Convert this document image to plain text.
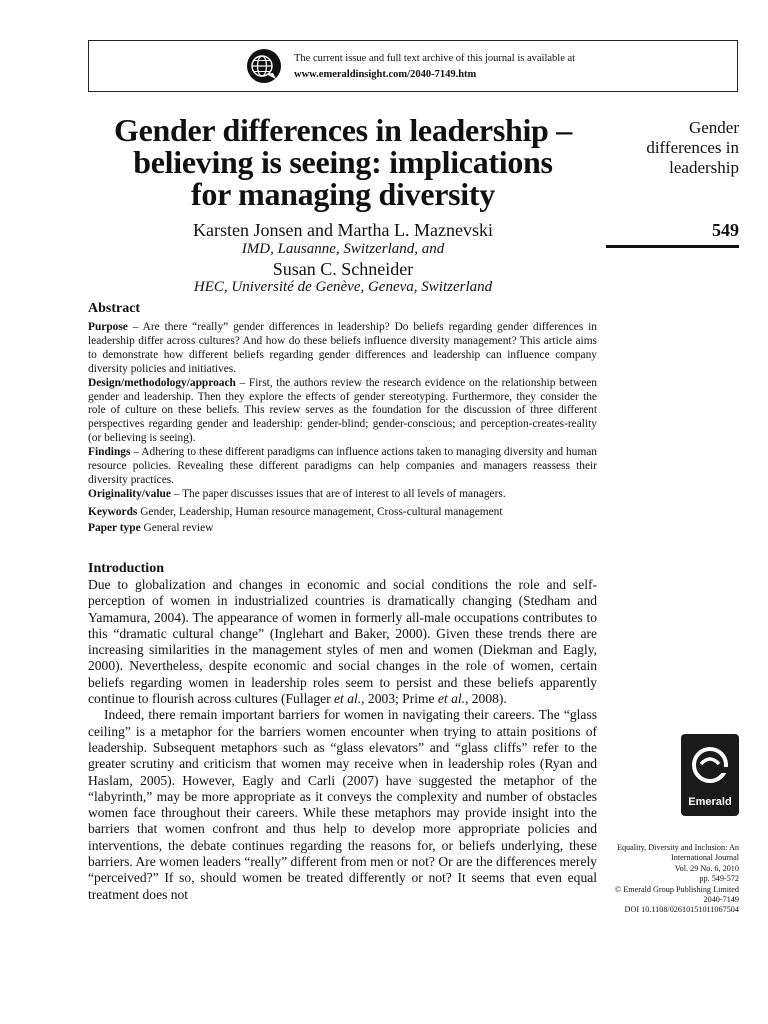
The current issue and full text archive of this journal is available at
www.emeraldinsight.com/2040-7149.htm
Gender differences in leadership –
believing is seeing: implications
for managing diversity
Karsten Jonsen and Martha L. Maznevski
IMD, Lausanne, Switzerland, and
Susan C. Schneider
HEC, Université de Genève, Geneva, Switzerland
Gender
differences in
leadership
549
Abstract

Purpose – Are there “really” gender differences in leadership? Do beliefs regarding gender differences in leadership differ across cultures? And how do these beliefs influence diversity management? This article aims to demonstrate how different beliefs regarding gender differences and leadership can influence company diversity policies and initiatives.

Design/methodology/approach – First, the authors review the research evidence on the relationship between gender and leadership. Then they explore the effects of gender stereotyping. Furthermore, they consider the role of culture on these beliefs. This review serves as the foundation for the discussion of three different perspectives regarding gender and leadership: gender-blind; gender-conscious; and perception-creates-reality (or believing is seeing).

Findings – Adhering to these different paradigms can influence actions taken to managing diversity and human resource policies. Revealing these different paradigms can help companies and managers reassess their diversity practices.

Originality/value – The paper discusses issues that are of interest to all levels of managers.

Keywords Gender, Leadership, Human resource management, Cross-cultural management

Paper type General review

Introduction

Due to globalization and changes in economic and social conditions the role and self-perception of women in industrialized countries is dramatically changing (Stedham and Yamamura, 2004). The appearance of women in formerly all-male occupations contributes to this “dramatic cultural change” (Inglehart and Baker, 2000). Given these trends there are increasing similarities in the management styles of men and women (Diekman and Eagly, 2000). Nevertheless, despite economic and social changes in the role of women, certain beliefs regarding women in leadership roles seem to persist and these beliefs apparently continue to flourish across cultures (Fullager et al., 2003; Prime et al., 2008).

Indeed, there remain important barriers for women in navigating their careers. The “glass ceiling” is a metaphor for the barriers women encounter when trying to attain positions of leadership. Subsequent metaphors such as “glass elevators” and “glass cliffs” refer to the greater scrutiny and criticism that women may receive when in leadership roles (Ryan and Haslam, 2005). However, Eagly and Carli (2007) have suggested the metaphor of the “labyrinth,” may be more appropriate as it conveys the complexity and number of obstacles women face throughout their careers. While these metaphors may provide insight into the barriers that women confront and thus help to develop more appropriate policies and interventions, the debate continues regarding the reasons for, or beliefs underlying, these barriers. Are women leaders “really” different from men or not? Or are the differences merely “perceived?” If so, should women be treated differently or not? It seems that even equal treatment does not

Emerald
Equality, Diversity and Inclusion: An
International Journal
Vol. 29 No. 6, 2010
pp. 549-572
© Emerald Group Publishing Limited
2040-7149
DOI 10.1108/02610151011067504
